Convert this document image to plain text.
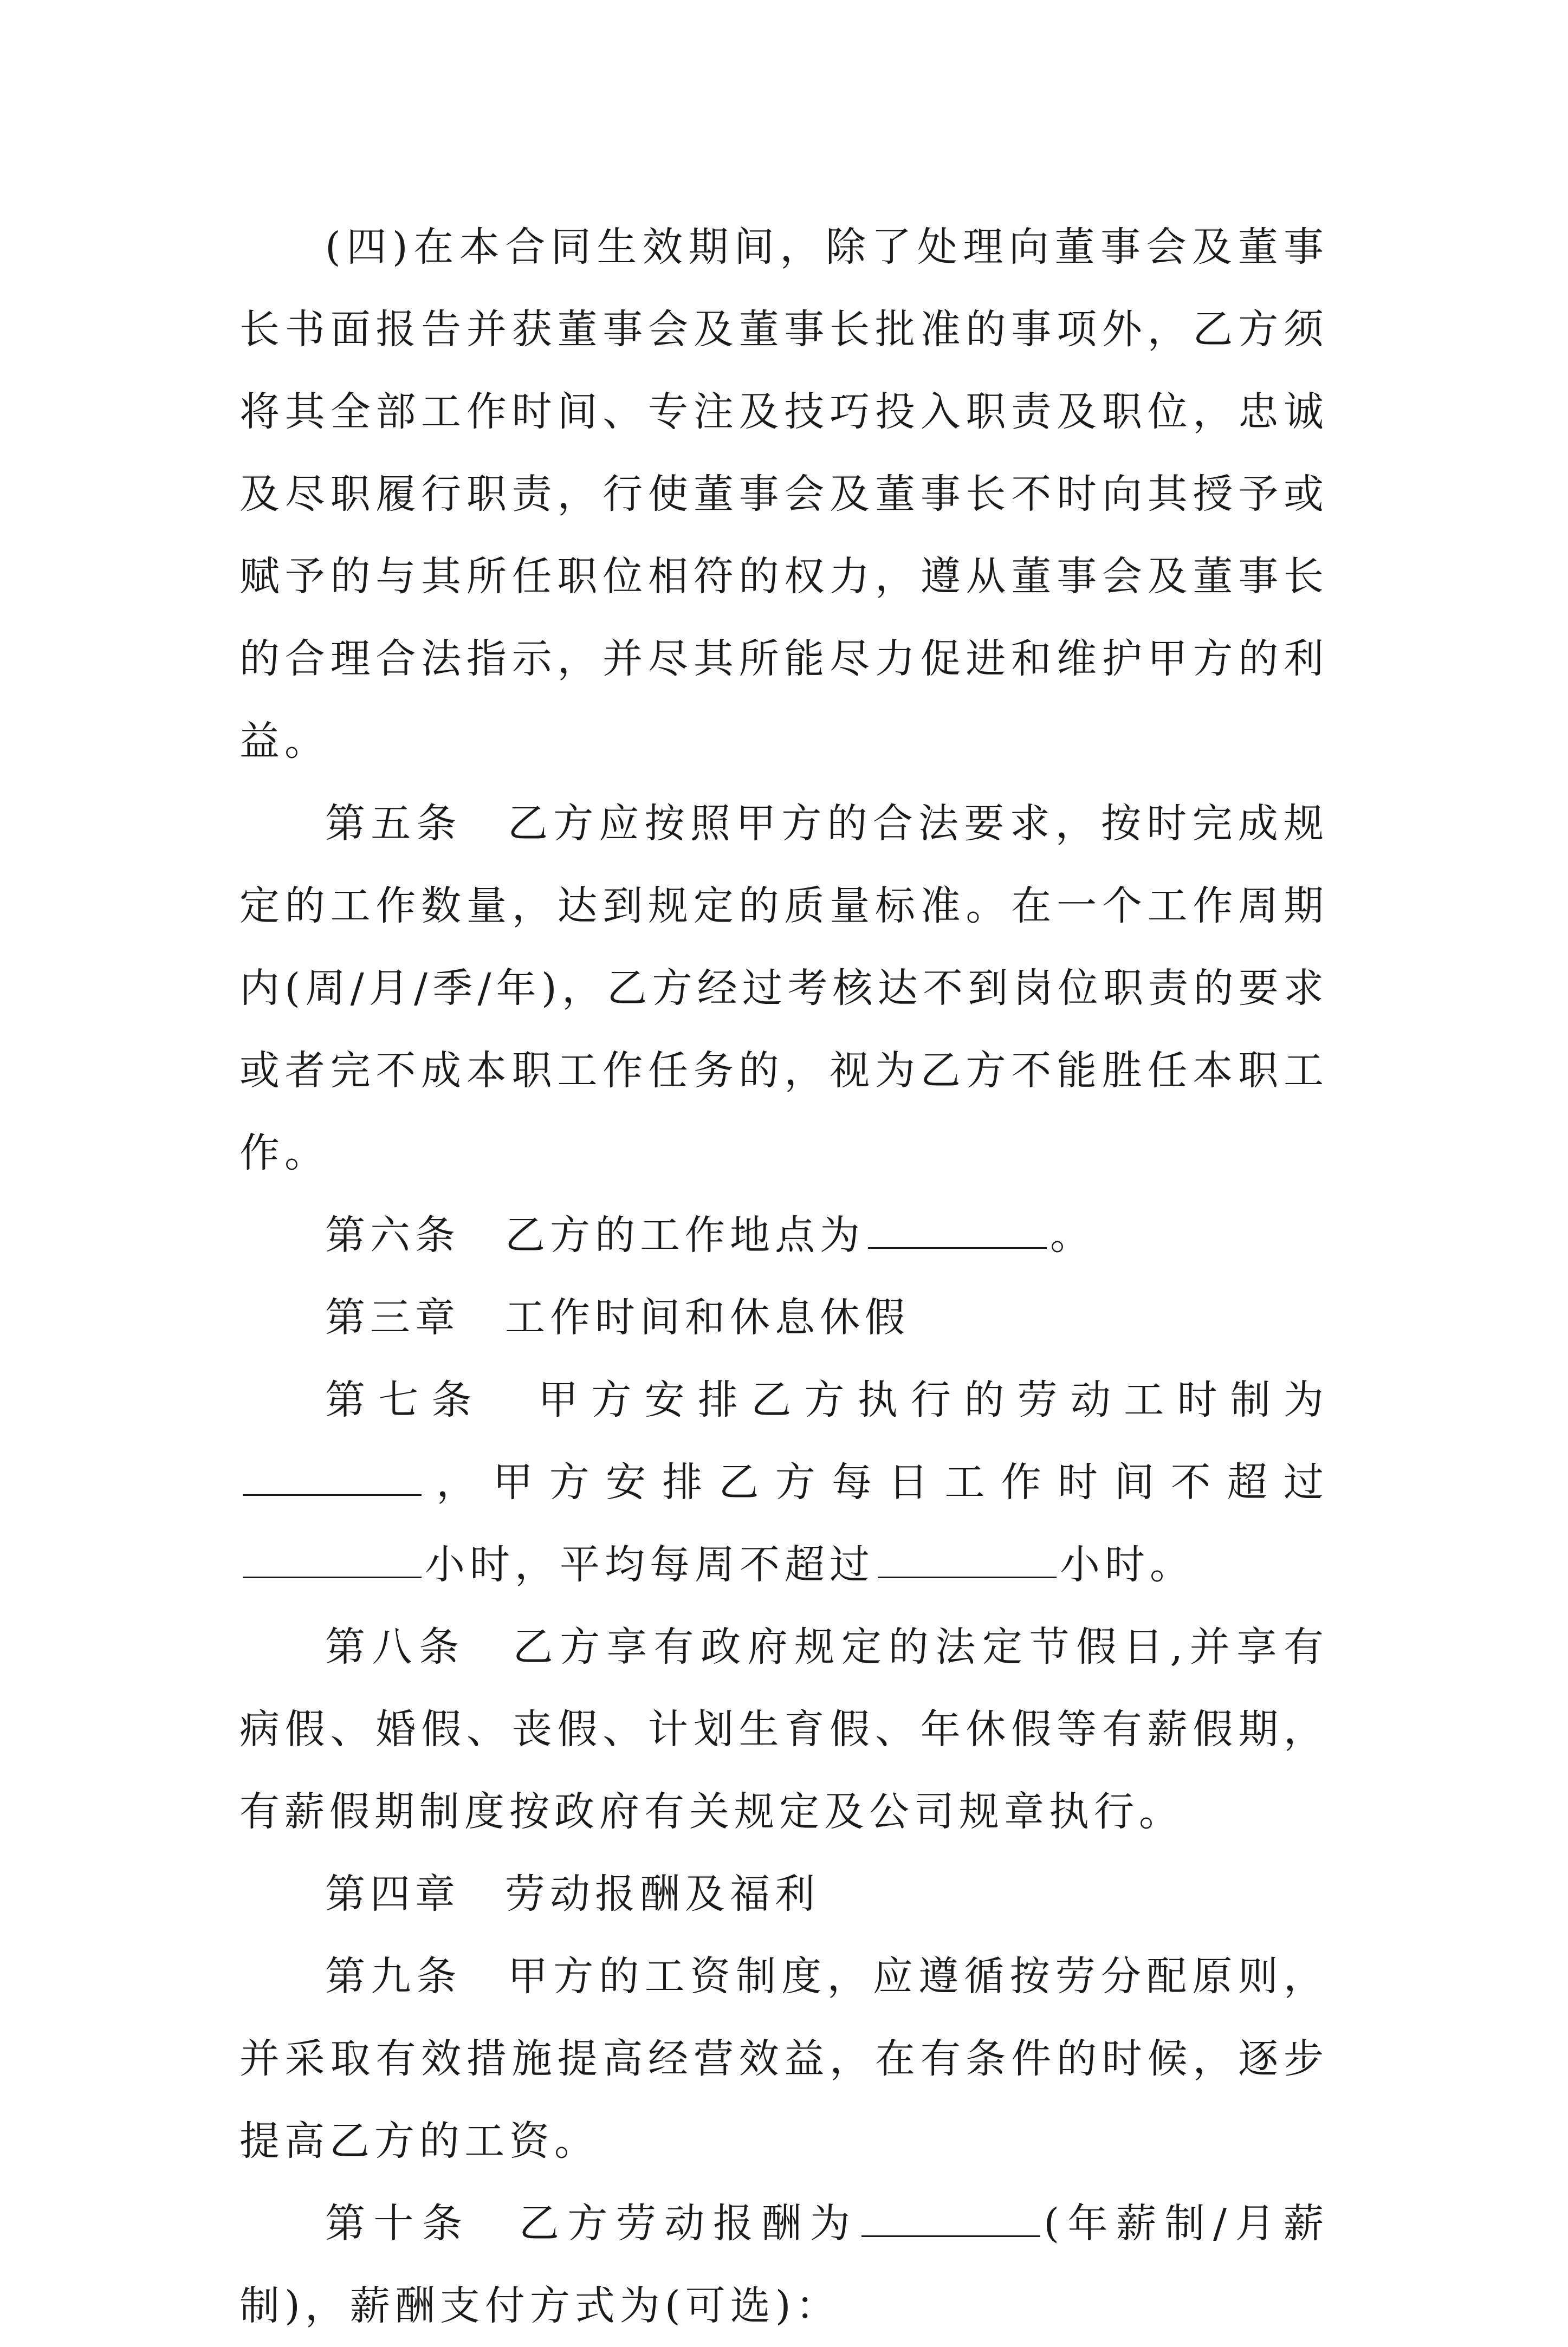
(四)在本合同生效期间，除了处理向董事会及董事长书面报告并获董事会及董事长批准的事项外，乙方须将其全部工作时间、专注及技巧投入职责及职位，忠诚及尽职履行职责，行使董事会及董事长不时向其授予或赋予的与其所任职位相符的权力，遵从董事会及董事长的合理合法指示，并尽其所能尽力促进和维护甲方的利益。

第五条　乙方应按照甲方的合法要求，按时完成规定的工作数量，达到规定的质量标准。在一个工作周期内(周/月/季/年)，乙方经过考核达不到岗位职责的要求或者完不成本职工作任务的，视为乙方不能胜任本职工作。

第六条　乙方的工作地点为	。

第三章　工作时间和休息休假

第七条　甲方安排乙方执行的劳动工时制为，甲方安排乙方每日工作时间不超过小时，平均每周不超过	小时。

第八条　乙方享有政府规定的法定节假日,并享有病假、婚假、丧假、计划生育假、年休假等有薪假期，有薪假期制度按政府有关规定及公司规章执行。

第四章　劳动报酬及福利

第九条　甲方的工资制度，应遵循按劳分配原则，并采取有效措施提高经营效益，在有条件的时候，逐步提高乙方的工资。

第十条　乙方劳动报酬为	(年薪制/月薪制)，薪酬支付方式为(可选)：
